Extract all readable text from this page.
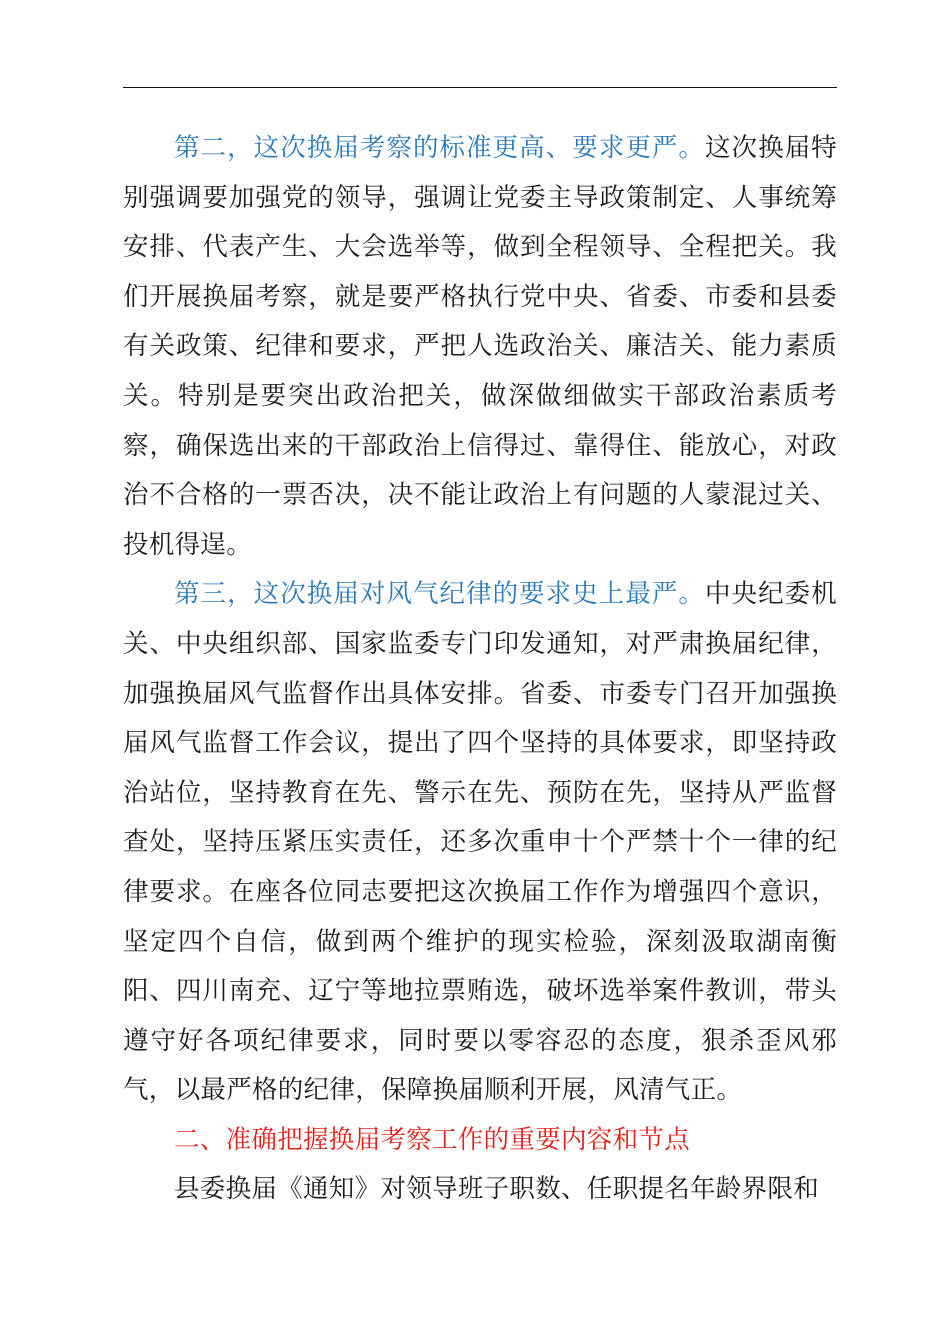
第二，这次换届考察的标准更高、要求更严。这次换届特别强调要加强党的领导，强调让党委主导政策制定、人事统筹安排、代表产生、大会选举等，做到全程领导、全程把关。我们开展换届考察，就是要严格执行党中央、省委、市委和县委有关政策、纪律和要求，严把人选政治关、廉洁关、能力素质关。特别是要突出政治把关，做深做细做实干部政治素质考察，确保选出来的干部政治上信得过、靠得住、能放心，对政治不合格的一票否决，决不能让政治上有问题的人蒙混过关、投机得逞。

第三，这次换届对风气纪律的要求史上最严。中央纪委机关、中央组织部、国家监委专门印发通知，对严肃换届纪律，加强换届风气监督作出具体安排。省委、市委专门召开加强换届风气监督工作会议，提出了四个坚持的具体要求，即坚持政治站位，坚持教育在先、警示在先、预防在先，坚持从严监督查处，坚持压紧压实责任，还多次重申十个严禁十个一律的纪律要求。在座各位同志要把这次换届工作作为增强四个意识，坚定四个自信，做到两个维护的现实检验，深刻汲取湖南衡阳、四川南充、辽宁等地拉票贿选，破坏选举案件教训，带头遵守好各项纪律要求，同时要以零容忍的态度，狠杀歪风邪气，以最严格的纪律，保障换届顺利开展，风清气正。

二、准确把握换届考察工作的重要内容和节点

县委换届《通知》对领导班子职数、任职提名年龄界限和
